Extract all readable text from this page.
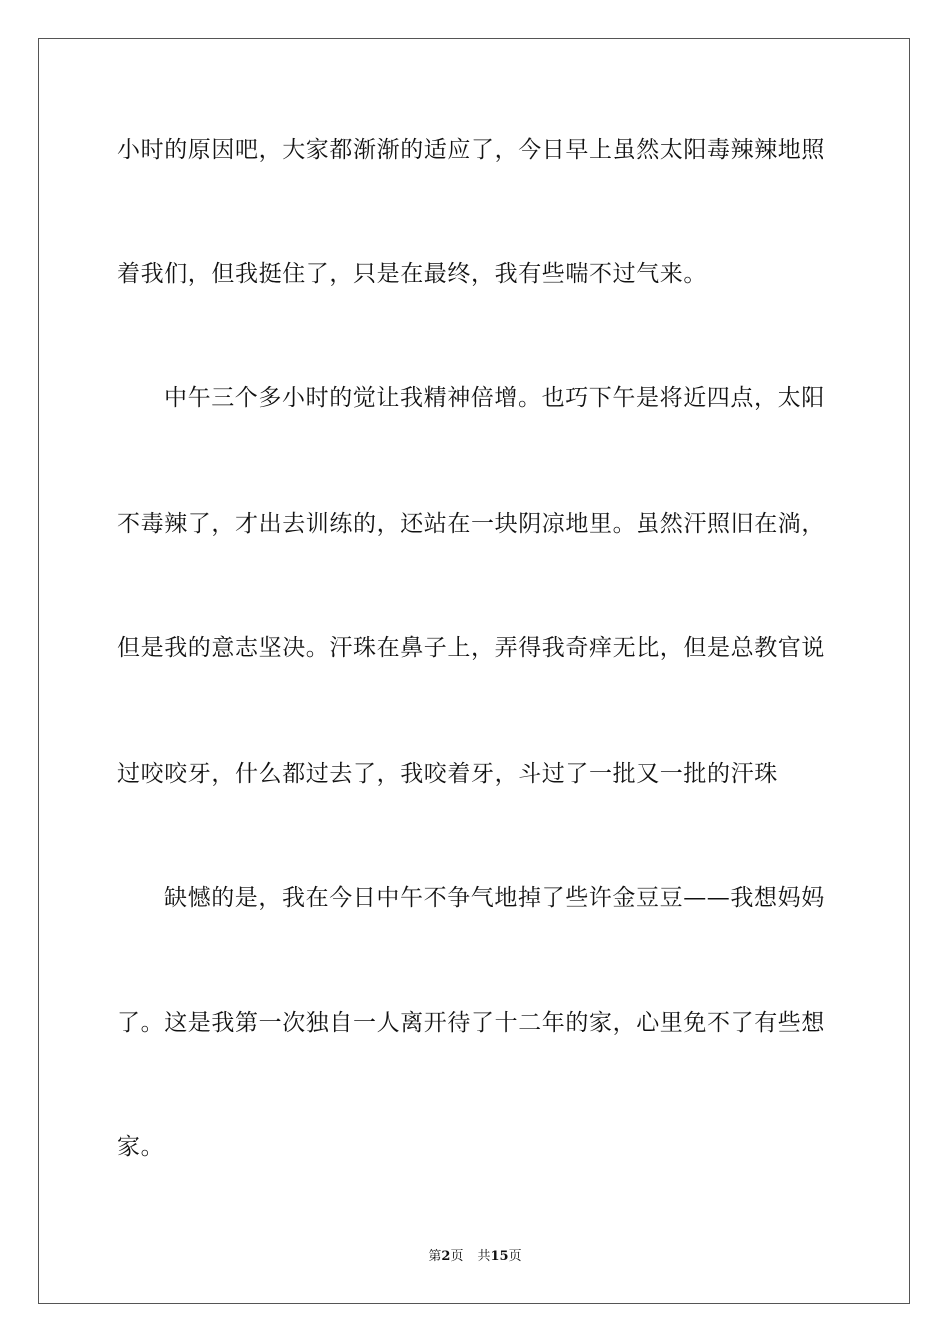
小时的原因吧，大家都渐渐的适应了，今日早上虽然太阳毒辣辣地照
着我们，但我挺住了，只是在最终，我有些喘不过气来。
中午三个多小时的觉让我精神倍增。也巧下午是将近四点，太阳
不毒辣了，才出去训练的，还站在一块阴凉地里。虽然汗照旧在淌，
但是我的意志坚决。汗珠在鼻子上，弄得我奇痒无比，但是总教官说
过咬咬牙，什么都过去了，我咬着牙，斗过了一批又一批的汗珠
缺憾的是，我在今日中午不争气地掉了些许金豆豆——我想妈妈
了。这是我第一次独自一人离开待了十二年的家，心里免不了有些想
家。
第2页 共15页
